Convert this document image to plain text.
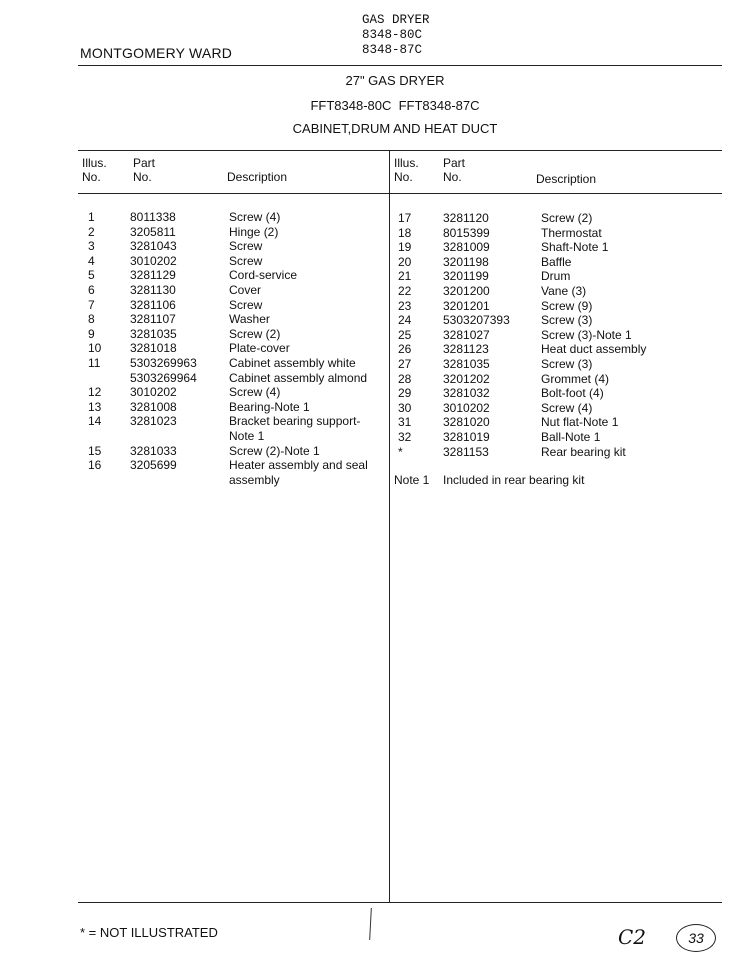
GAS DRYER
8348-80C
8348-87C
MONTGOMERY WARD
27" GAS DRYER
FFT8348-80C  FFT8348-87C
CABINET,DRUM AND HEAT DUCT
Illus.
No.
Part
No.	Description
Illus.
No.
Part
No.	Description
1	8011338	Screw (4)
2	3205811	Hinge (2)
3	3281043	Screw
4	3010202	Screw
5	3281129	Cord-service
6	3281130	Cover
7	3281106	Screw
8	3281107	Washer
9	3281035	Screw (2)
10 3281018	Plate-cover
11 5303269963	Cabinet assembly white
5303269964	Cabinet assembly almond
12 3010202	Screw (4)
13 3281008	Bearing-Note 1
14 3281023	Bracket bearing support-
Note 1
15 3281033	Screw (2)-Note 1
16 3205699	Heater assembly and seal
assembly
17	3281120	Screw (2)
18	8015399	Thermostat
19	3281009	Shaft-Note 1
20	3201198	Baffle
21	3201199	Drum
22	3201200	Vane (3)
23	3201201	Screw (9)
24	5303207393	Screw (3)
25	3281027	Screw (3)-Note 1
26	3281123	Heat duct assembly
27	3281035	Screw (3)
28	3201202	Grommet (4)
29	3281032	Bolt-foot (4)
30	3010202	Screw (4)
31	3281020	Nut flat-Note 1
32	3281019	Ball-Note 1
*	3281153	Rear bearing kit
Note 1 Included in rear bearing kit
* = NOT ILLUSTRATED	C2	33
